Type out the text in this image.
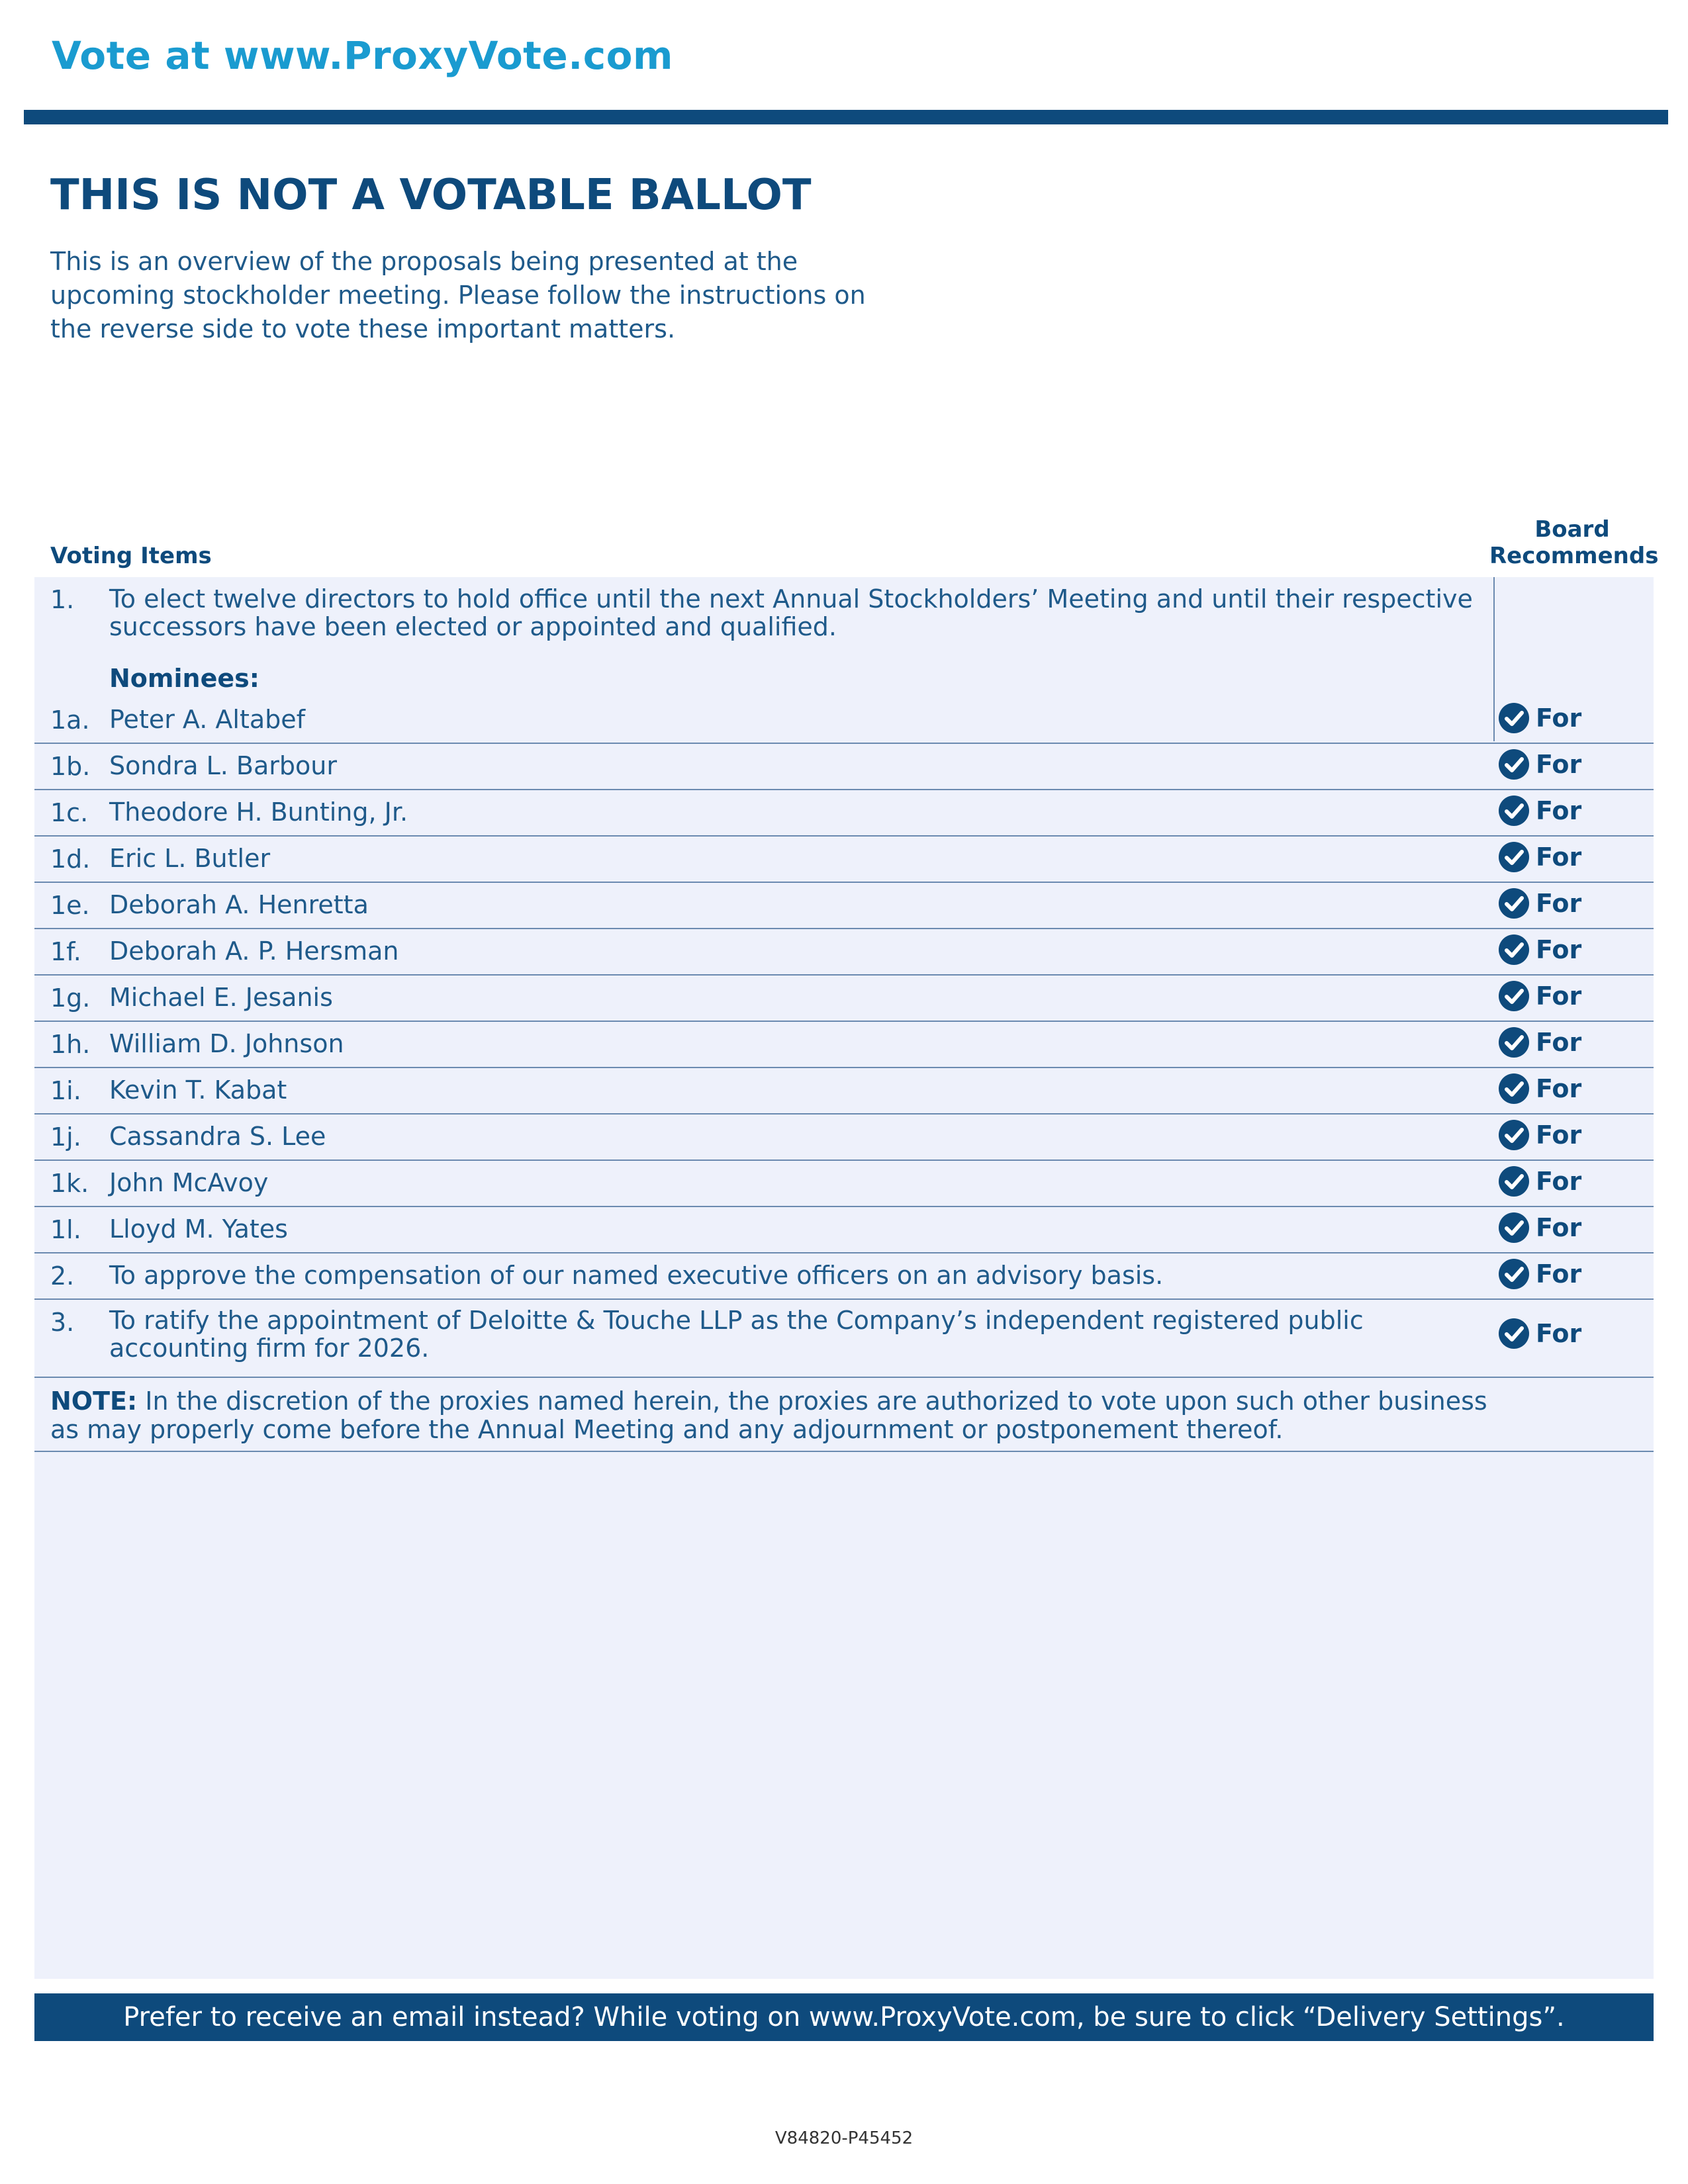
Vote at www.ProxyVote.com
THIS IS NOT A VOTABLE BALLOT
This is an overview of the proposals being presented at the upcoming stockholder meeting. Please follow the instructions on the reverse side to vote these important matters.
Voting Items
Board Recommends
1. To elect twelve directors to hold office until the next Annual Stockholders’ Meeting and until their respective successors have been elected or appointed and qualified.
Nominees:
1a. Peter A. Altabef	For
1b. Sondra L. Barbour	For
1c. Theodore H. Bunting, Jr.	For
1d. Eric L. Butler	For
1e. Deborah A. Henretta	For
1f. Deborah A. P. Hersman	For
1g. Michael E. Jesanis	For
1h. William D. Johnson	For
1i. Kevin T. Kabat	For
1j. Cassandra S. Lee	For
1k. John McAvoy	For
1l. Lloyd M. Yates	For
2. To approve the compensation of our named executive officers on an advisory basis.	For
3. To ratify the appointment of Deloitte & Touche LLP as the Company’s independent registered public accounting firm for 2026.	For
NOTE: In the discretion of the proxies named herein, the proxies are authorized to vote upon such other business as may properly come before the Annual Meeting and any adjournment or postponement thereof.
Prefer to receive an email instead? While voting on www.ProxyVote.com, be sure to click “Delivery Settings”.
V84820-P45452
